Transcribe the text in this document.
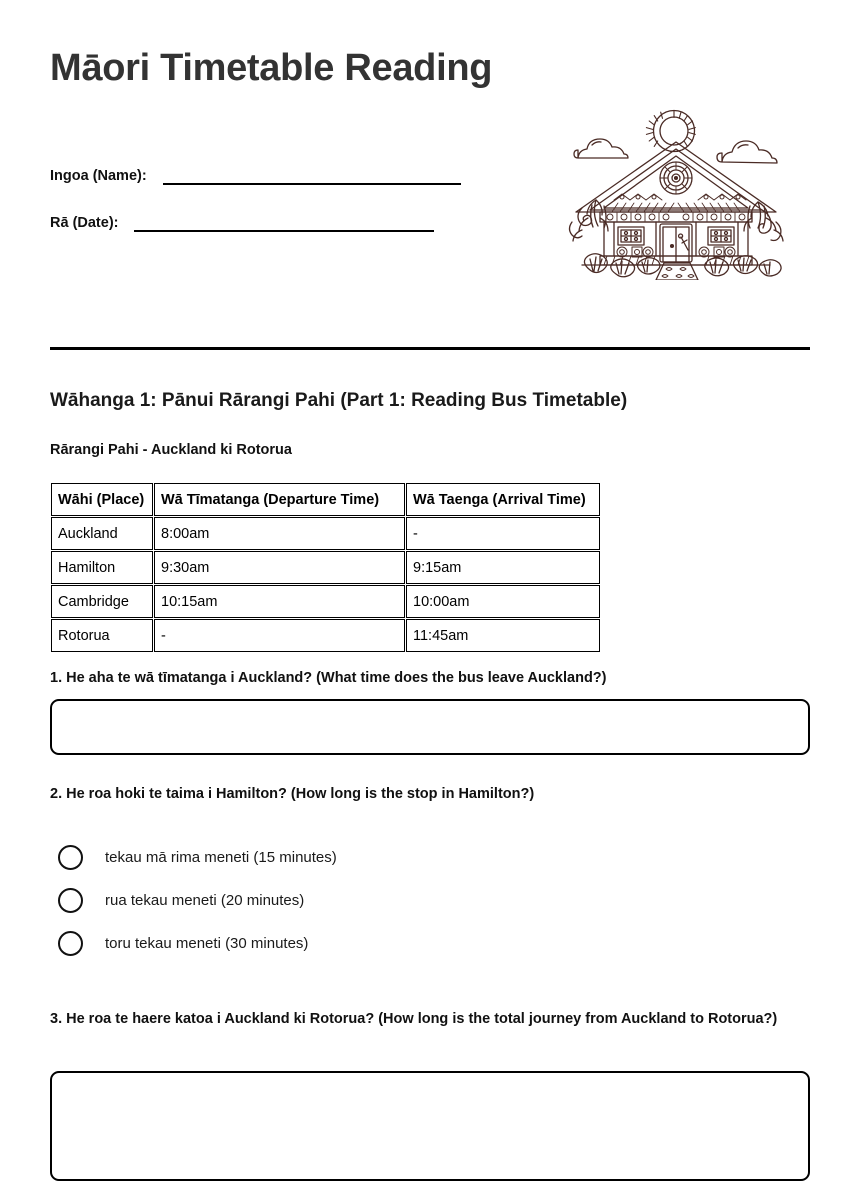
Māori Timetable Reading
Ingoa (Name):
Rā (Date):
Wāhanga 1: Pānui Rārangi Pahi (Part 1: Reading Bus Timetable)
Rārangi Pahi - Auckland ki Rotorua
Wāhi (Place)	Wā Tīmatanga (Departure Time)	Wā Taenga (Arrival Time)
Auckland	8:00am	-
Hamilton	9:30am	9:15am
Cambridge	10:15am	10:00am
Rotorua	-	11:45am
1. He aha te wā tīmatanga i Auckland? (What time does the bus leave Auckland?)
2. He roa hoki te taima i Hamilton? (How long is the stop in Hamilton?)
tekau mā rima meneti (15 minutes)
rua tekau meneti (20 minutes)
toru tekau meneti (30 minutes)
3. He roa te haere katoa i Auckland ki Rotorua? (How long is the total journey from Auckland to Rotorua?)
